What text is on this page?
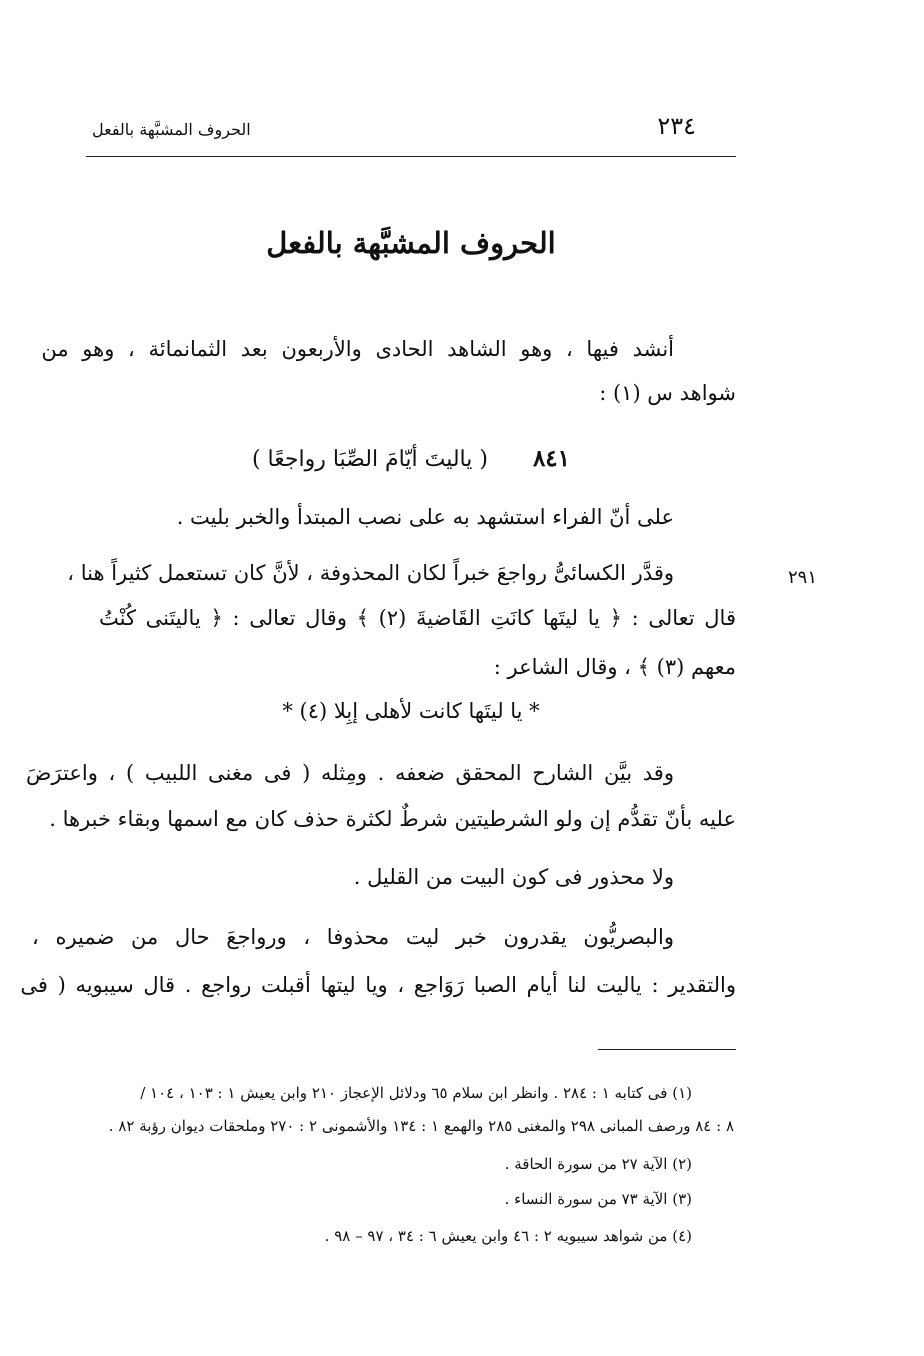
٢٣٤
الحروف المشبَّهة بالفعل
الحروف المشبَّهة بالفعل
أنشد فيها ، وهو الشاهد الحادى والأربعون بعد الثمانمائة ، وهو من
شواهد س (١) :
٨٤١ ( ياليتَ أيّامَ الصِّبَا رواجعًا )
على أنّ الفراء استشهد به على نصب المبتدأ والخبر بليت .
٢٩١
وقدَّر الكسائىُّ رواجعَ خبراً لكان المحذوفة ، لأنَّ كان تستعمل كثيراً هنا ،
قال تعالى : ﴿ يا ليتَها كانَتِ القَاضيةَ (٢) ﴾ وقال تعالى : ﴿ ياليتَنى كُنْتُ
معهم (٣) ﴾ ، وقال الشاعر :
* يا ليتَها كانت لأهلى إبِلا (٤) *
وقد بيَّن الشارح المحقق ضعفه . ومِثله ( فى مغنى اللبيب ) ، واعترَضَ
عليه بأنّ تقدُّم إن ولو الشرطيتين شرطٌ لكثرة حذف كان مع اسمها وبقاء خبرها .
ولا محذور فى كون البيت من القليل .
والبصريُّون يقدرون خبر ليت محذوفا ، ورواجعَ حال من ضميره ،
والتقدير : ياليت لنا أيام الصبا رَوَاجع ، ويا ليتها أقبلت رواجع . قال سيبويه ( فى
(١) فى كتابه ١ : ٢٨٤ . وانظر ابن سلام ٦٥ ودلائل الإعجاز ٢١٠ وابن يعيش ١ : ١٠٣ ، ١٠٤ /
٨ : ٨٤ ورصف المبانى ٢٩٨ والمغنى ٢٨٥ والهمع ١ : ١٣٤ والأشمونى ٢ : ٢٧٠ وملحقات ديوان رؤبة ٨٢ .
(٢) الآية ٢٧ من سورة الحاقة .
(٣) الآية ٧٣ من سورة النساء .
(٤) من شواهد سيبويه ٢ : ٤٦ وابن يعيش ٦ : ٣٤ ، ٩٧ – ٩٨ .
